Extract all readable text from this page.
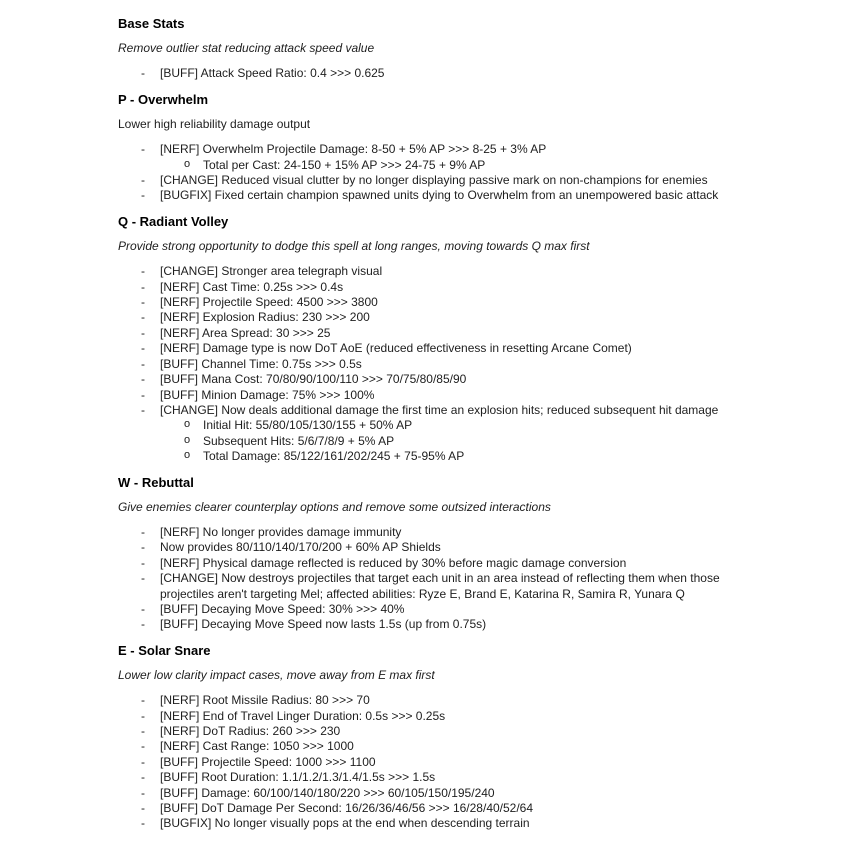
Base Stats
Remove outlier stat reducing attack speed value
- [BUFF] Attack Speed Ratio: 0.4 >>> 0.625
P - Overwhelm
Lower high reliability damage output
- [NERF] Overwhelm Projectile Damage: 8-50 + 5% AP >>> 8-25 + 3% AP
o Total per Cast: 24-150 + 15% AP >>> 24-75 + 9% AP
- [CHANGE] Reduced visual clutter by no longer displaying passive mark on non-champions for enemies
- [BUGFIX] Fixed certain champion spawned units dying to Overwhelm from an unempowered basic attack
Q - Radiant Volley
Provide strong opportunity to dodge this spell at long ranges, moving towards Q max first
- [CHANGE] Stronger area telegraph visual
- [NERF] Cast Time: 0.25s >>> 0.4s
- [NERF] Projectile Speed: 4500 >>> 3800
- [NERF] Explosion Radius: 230 >>> 200
- [NERF] Area Spread: 30 >>> 25
- [NERF] Damage type is now DoT AoE (reduced effectiveness in resetting Arcane Comet)
- [BUFF] Channel Time: 0.75s >>> 0.5s
- [BUFF] Mana Cost: 70/80/90/100/110 >>> 70/75/80/85/90
- [BUFF] Minion Damage: 75% >>> 100%
- [CHANGE] Now deals additional damage the first time an explosion hits; reduced subsequent hit damage
o Initial Hit: 55/80/105/130/155 + 50% AP
o Subsequent Hits: 5/6/7/8/9 + 5% AP
o Total Damage: 85/122/161/202/245 + 75-95% AP
W - Rebuttal
Give enemies clearer counterplay options and remove some outsized interactions
- [NERF] No longer provides damage immunity
- Now provides 80/110/140/170/200 + 60% AP Shields
- [NERF] Physical damage reflected is reduced by 30% before magic damage conversion
- [CHANGE] Now destroys projectiles that target each unit in an area instead of reflecting them when those projectiles aren't targeting Mel; affected abilities: Ryze E, Brand E, Katarina R, Samira R, Yunara Q
- [BUFF] Decaying Move Speed: 30% >>> 40%
- [BUFF] Decaying Move Speed now lasts 1.5s (up from 0.75s)
E - Solar Snare
Lower low clarity impact cases, move away from E max first
- [NERF] Root Missile Radius: 80 >>> 70
- [NERF] End of Travel Linger Duration: 0.5s >>> 0.25s
- [NERF] DoT Radius: 260 >>> 230
- [NERF] Cast Range: 1050 >>> 1000
- [BUFF] Projectile Speed: 1000 >>> 1100
- [BUFF] Root Duration: 1.1/1.2/1.3/1.4/1.5s >>> 1.5s
- [BUFF] Damage: 60/100/140/180/220 >>> 60/105/150/195/240
- [BUFF] DoT Damage Per Second: 16/26/36/46/56 >>> 16/28/40/52/64
- [BUGFIX] No longer visually pops at the end when descending terrain
